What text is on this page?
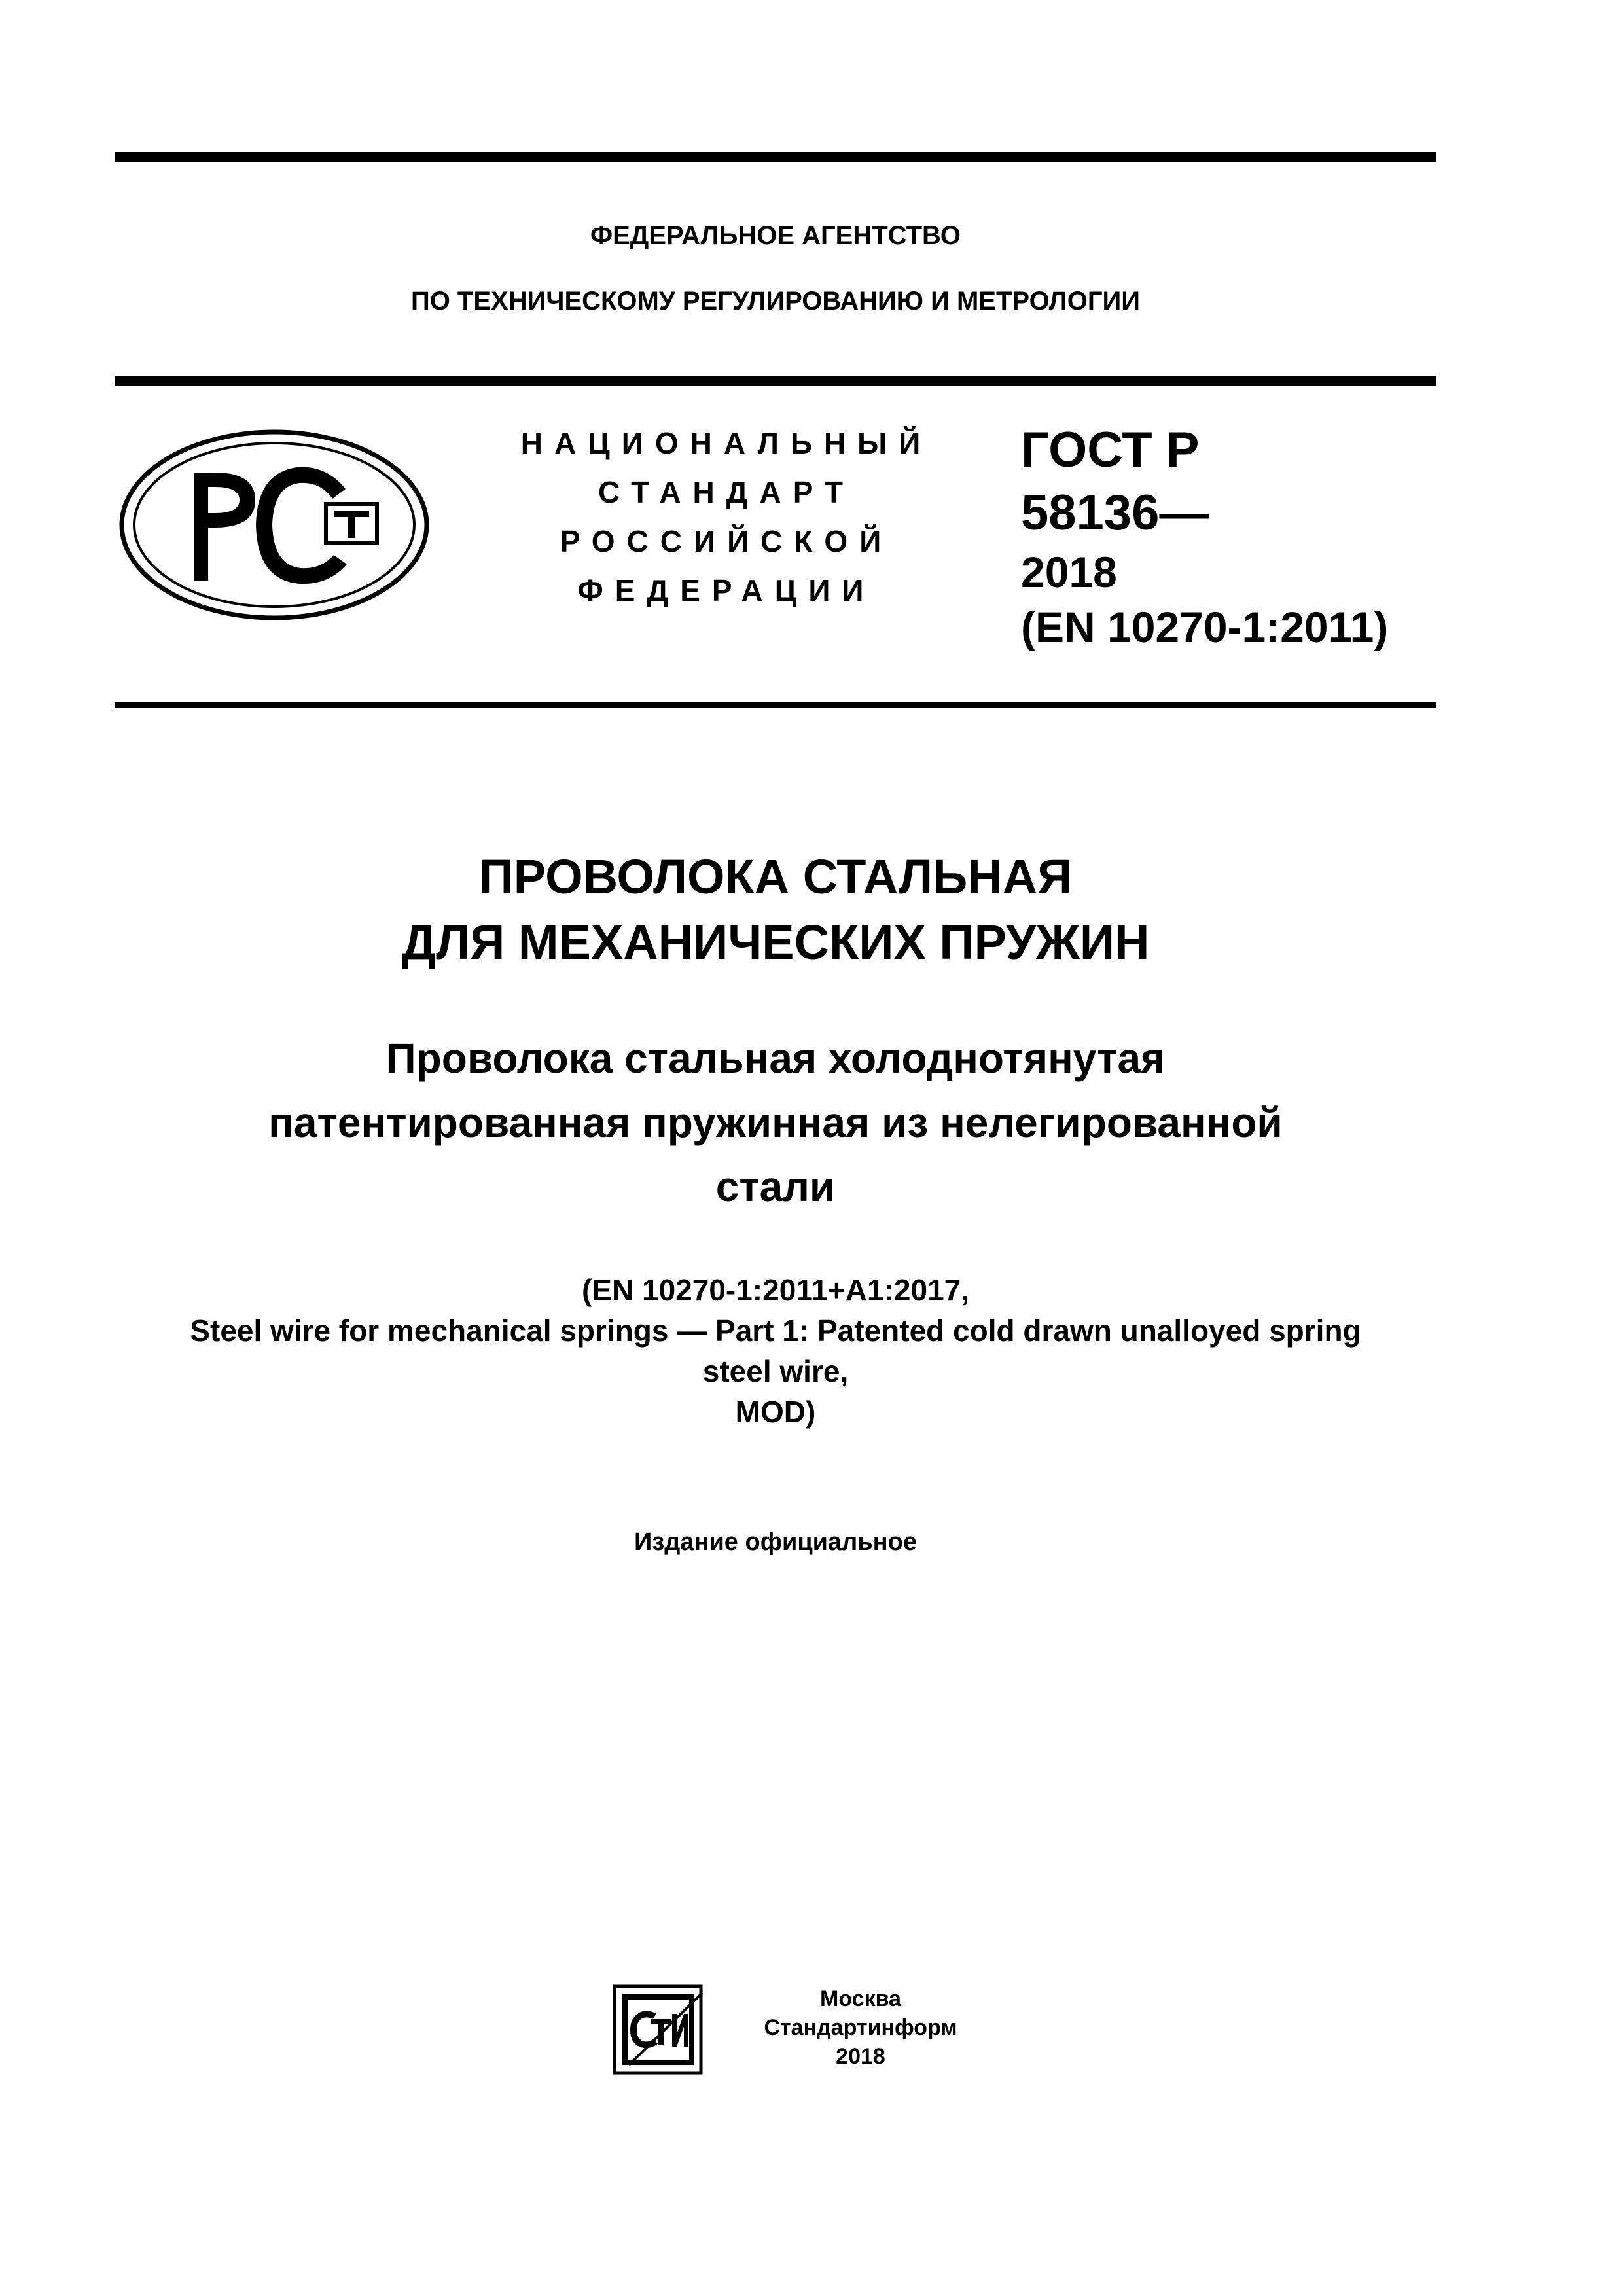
ФЕДЕРАЛЬНОЕ АГЕНТСТВО
ПО ТЕХНИЧЕСКОМУ РЕГУЛИРОВАНИЮ И МЕТРОЛОГИИ
НАЦИОНАЛЬНЫЙ
СТАНДАРТ
РОССИЙСКОЙ
ФЕДЕРАЦИИ
ГОСТ Р
58136—
2018
(EN 10270-1:2011)
ПРОВОЛОКА СТАЛЬНАЯ
ДЛЯ МЕХАНИЧЕСКИХ ПРУЖИН
Проволока стальная холоднотянутая
патентированная пружинная из нелегированной
стали
(EN 10270-1:2011+A1:2017,
Steel wire for mechanical springs — Part 1: Patented cold drawn unalloyed spring
steel wire,
MOD)
Издание официальное
Москва
Стандартинформ
2018
